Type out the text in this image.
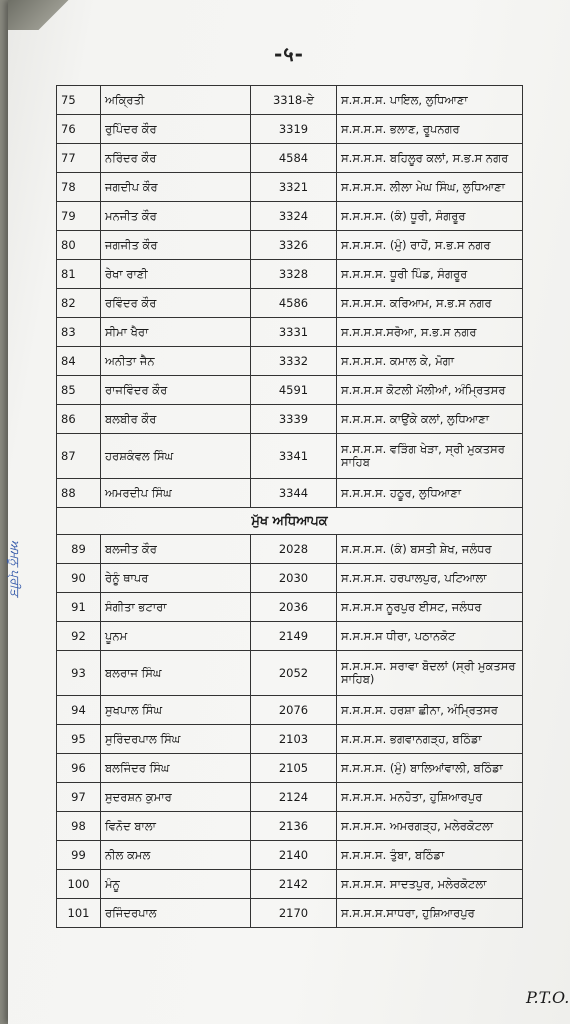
-५-
75	ਅਕ੍ਰਿਤੀ	3318-ਏ	ਸ.ਸ.ਸ.ਸ. ਪਾਇਲ, ਲੁਧਿਆਣਾ
76	ਰੁਪਿੰਦਰ ਕੌਰ	3319	ਸ.ਸ.ਸ.ਸ. ਭਲਾਣ, ਰੂਪਨਗਰ
77	ਨਰਿੰਦਰ ਕੌਰ	4584	ਸ.ਸ.ਸ.ਸ. ਬਹਿਲੂਰ ਕਲਾਂ, ਸ.ਭ.ਸ ਨਗਰ
78	ਜਗਦੀਪ ਕੌਰ	3321	ਸ.ਸ.ਸ.ਸ. ਲੀਲਾ ਮੇਘ ਸਿੰਘ, ਲੁਧਿਆਣਾ
79	ਮਨਜੀਤ ਕੌਰ	3324	ਸ.ਸ.ਸ.ਸ. (ਕੰ) ਧੂਰੀ, ਸੰਗਰੂਰ
80	ਜਗਜੀਤ ਕੌਰ	3326	ਸ.ਸ.ਸ.ਸ. (ਮੁੰ) ਰਾਹੋਂ, ਸ.ਭ.ਸ ਨਗਰ
81	ਰੇਖਾ ਰਾਣੀ	3328	ਸ.ਸ.ਸ.ਸ. ਧੂਰੀ ਪਿੰਡ, ਸੰਗਰੂਰ
82	ਰਵਿੰਦਰ ਕੌਰ	4586	ਸ.ਸ.ਸ.ਸ. ਕਰਿਆਮ, ਸ.ਭ.ਸ ਨਗਰ
83	ਸੀਮਾ ਖੈਰਾ	3331	ਸ.ਸ.ਸ.ਸ.ਸਰੋਆ, ਸ.ਭ.ਸ ਨਗਰ
84	ਅਨੀਤਾ ਜੈਨ	3332	ਸ.ਸ.ਸ.ਸ. ਕਮਾਲ ਕੇ, ਮੋਗਾ
85	ਰਾਜਵਿੰਦਰ ਕੌਰ	4591	ਸ.ਸ.ਸ.ਸ ਕੋਟਲੀ ਮੱਲੀਆਂ, ਅੰਮ੍ਰਿਤਸਰ
86	ਬਲਬੀਰ ਕੌਰ	3339	ਸ.ਸ.ਸ.ਸ. ਕਾਉਂਕੇ ਕਲਾਂ, ਲੁਧਿਆਣਾ
87	ਹਰਸ਼ਕੰਵਲ ਸਿੰਘ	3341	ਸ.ਸ.ਸ.ਸ. ਵੜਿੰਗ ਖੇੜਾ, ਸ੍ਰੀ ਮੁਕਤਸਰ ਸਾਹਿਬ
88	ਅਮਰਦੀਪ ਸਿੰਘ	3344	ਸ.ਸ.ਸ.ਸ. ਹਠੂਰ, ਲੁਧਿਆਣਾ
ਮੁੱਖ ਅਧਿਆਪਕ			
89	ਬਲਜੀਤ ਕੌਰ	2028	ਸ.ਸ.ਸ.ਸ. (ਕੰ) ਬਸਤੀ ਸ਼ੇਖ, ਜਲੰਧਰ
90	ਰੇਨੂੰ ਥਾਪਰ	2030	ਸ.ਸ.ਸ.ਸ. ਹਰਪਾਲਪੁਰ, ਪਟਿਆਲਾ
91	ਸੰਗੀਤਾ ਭਟਾਰਾ	2036	ਸ.ਸ.ਸ.ਸ ਨੂਰਪੁਰ ਈਸਟ, ਜਲੰਧਰ
92	ਪੂਨਮ	2149	ਸ.ਸ.ਸ.ਸ ਧੀਰਾ, ਪਠਾਨਕੋਟ
93	ਬਲਰਾਜ ਸਿੰਘ	2052	ਸ.ਸ.ਸ.ਸ. ਸਰਾਵਾ ਬੋਦਲਾਂ (ਸ੍ਰੀ ਮੁਕਤਸਰ ਸਾਹਿਬ)
94	ਸੁਖਪਾਲ ਸਿੰਘ	2076	ਸ.ਸ.ਸ.ਸ. ਹਰਸ਼ਾ ਛੀਨਾ, ਅੰਮ੍ਰਿਤਸਰ
95	ਸੁਰਿੰਦਰਪਾਲ ਸਿੰਘ	2103	ਸ.ਸ.ਸ.ਸ. ਭਗਵਾਨਗੜ੍ਹ, ਬਠਿੰਡਾ
96	ਬਲਜਿੰਦਰ ਸਿੰਘ	2105	ਸ.ਸ.ਸ.ਸ. (ਮੁੰ) ਬਾਲਿਆਂਵਾਲੀ, ਬਠਿੰਡਾ
97	ਸੁਦਰਸ਼ਨ ਕੁਮਾਰ	2124	ਸ.ਸ.ਸ.ਸ. ਮਨਹੋਤਾ, ਹੁਸ਼ਿਆਰਪੁਰ
98	ਵਿਨੋਦ ਬਾਲਾ	2136	ਸ.ਸ.ਸ.ਸ. ਅਮਰਗੜ੍ਹ, ਮਲੇਰਕੋਟਲਾ
99	ਨੀਲ ਕਮਲ	2140	ਸ.ਸ.ਸ.ਸ. ਤੁੰਬਾ, ਬਠਿੰਡਾ
100	ਮੰਨੂ	2142	ਸ.ਸ.ਸ.ਸ. ਸਾਦਤਪੁਰ, ਮਲੇਰਕੋਟਲਾ
101	ਰਜਿੰਦਰਪਾਲ	2170	ਸ.ਸ.ਸ.ਸ.ਸਾਧਰਾ, ਹੁਸ਼ਿਆਰਪੁਰ
ਅਮਨੂ ਪ੍ਰੀਤ
P.T.O.
